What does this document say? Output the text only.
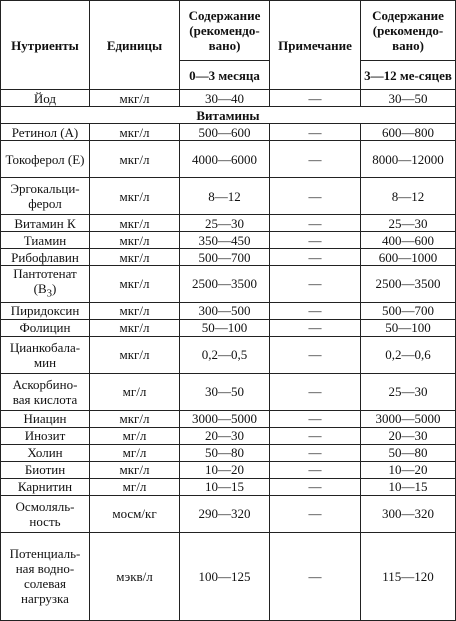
Нутриенты	Единицы	Содержание (рекомендо-вано)	Примечание	Содержание (рекомендо-вано)
		0—3 месяца		3—12 ме-сяцев
Йод	мкг/л	30—40	—	30—50
Витамины				
Ретинол (А)	мкг/л	500—600	—	600—800
Токоферол (Е)	мкг/л	4000—6000	—	8000—12000
Эргокальци-ферол	мкг/л	8—12	—	8—12
Витамин К	мкг/л	25—30	—	25—30
Тиамин	мкг/л	350—450	—	400—600
Рибофлавин	мкг/л	500—700	—	600—1000
Пантотенат $(B_3)$	мкг/л	2500—3500	—	2500—3500
Пиридоксин	мкг/л	300—500	—	500—700
Фолицин	мкг/л	50—100	—	50—100
Цианкобала-мин	мкг/л	0,2—0,5	—	0,2—0,6
Аскорбино-вая кислота	мг/л	30—50	—	25—30
Ниацин	мкг/л	3000—5000	—	3000—5000
Инозит	мг/л	20—30	—	20—30
Холин	мг/л	50—80	—	50—80
Биотин	мкг/л	10—20	—	10—20
Карнитин	мг/л	10—15	—	10—15
Осмоляль-ность	мосм/кг	290—320	—	300—320
Потенциаль-ная водно-солевая нагрузка	мэкв/л	100—125	—	115—120
